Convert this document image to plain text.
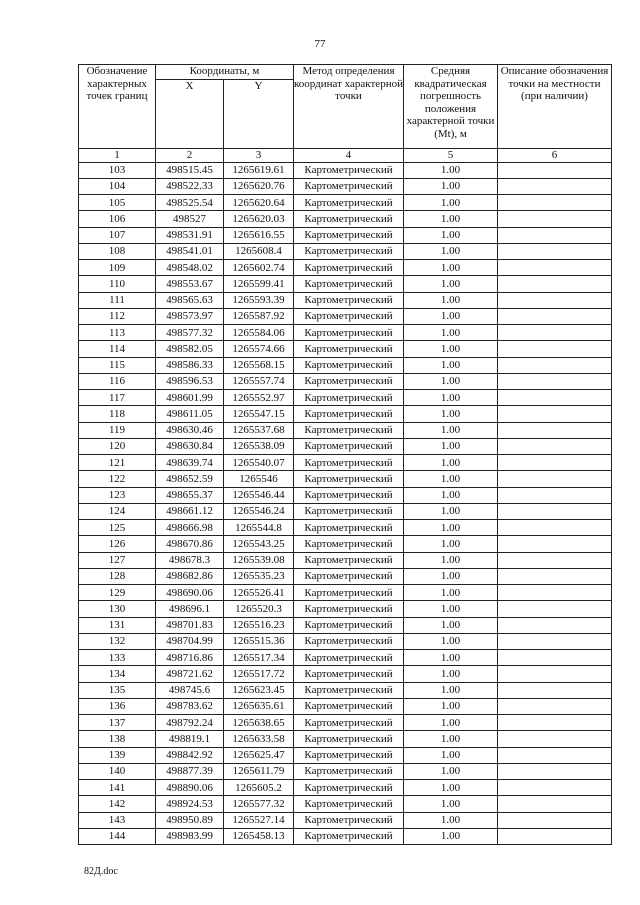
77
Обозначение характерных точек границ	Координаты, м		Метод определения координат характерной точки	Средняя квадратическая погрешность положения характерной точки (Mt), м	Описание обозначения точки на местности (при наличии)
	X	Y			
1	2	3	4	5	6
103	498515.45	1265619.61	Картометрический	1.00	
104	498522.33	1265620.76	Картометрический	1.00	
105	498525.54	1265620.64	Картометрический	1.00	
106	498527	1265620.03	Картометрический	1.00	
107	498531.91	1265616.55	Картометрический	1.00	
108	498541.01	1265608.4	Картометрический	1.00	
109	498548.02	1265602.74	Картометрический	1.00	
110	498553.67	1265599.41	Картометрический	1.00	
111	498565.63	1265593.39	Картометрический	1.00	
112	498573.97	1265587.92	Картометрический	1.00	
113	498577.32	1265584.06	Картометрический	1.00	
114	498582.05	1265574.66	Картометрический	1.00	
115	498586.33	1265568.15	Картометрический	1.00	
116	498596.53	1265557.74	Картометрический	1.00	
117	498601.99	1265552.97	Картометрический	1.00	
118	498611.05	1265547.15	Картометрический	1.00	
119	498630.46	1265537.68	Картометрический	1.00	
120	498630.84	1265538.09	Картометрический	1.00	
121	498639.74	1265540.07	Картометрический	1.00	
122	498652.59	1265546	Картометрический	1.00	
123	498655.37	1265546.44	Картометрический	1.00	
124	498661.12	1265546.24	Картометрический	1.00	
125	498666.98	1265544.8	Картометрический	1.00	
126	498670.86	1265543.25	Картометрический	1.00	
127	498678.3	1265539.08	Картометрический	1.00	
128	498682.86	1265535.23	Картометрический	1.00	
129	498690.06	1265526.41	Картометрический	1.00	
130	498696.1	1265520.3	Картометрический	1.00	
131	498701.83	1265516.23	Картометрический	1.00	
132	498704.99	1265515.36	Картометрический	1.00	
133	498716.86	1265517.34	Картометрический	1.00	
134	498721.62	1265517.72	Картометрический	1.00	
135	498745.6	1265623.45	Картометрический	1.00	
136	498783.62	1265635.61	Картометрический	1.00	
137	498792.24	1265638.65	Картометрический	1.00	
138	498819.1	1265633.58	Картометрический	1.00	
139	498842.92	1265625.47	Картометрический	1.00	
140	498877.39	1265611.79	Картометрический	1.00	
141	498890.06	1265605.2	Картометрический	1.00	
142	498924.53	1265577.32	Картометрический	1.00	
143	498950.89	1265527.14	Картометрический	1.00	
144	498983.99	1265458.13	Картометрический	1.00	
82Д.doc
